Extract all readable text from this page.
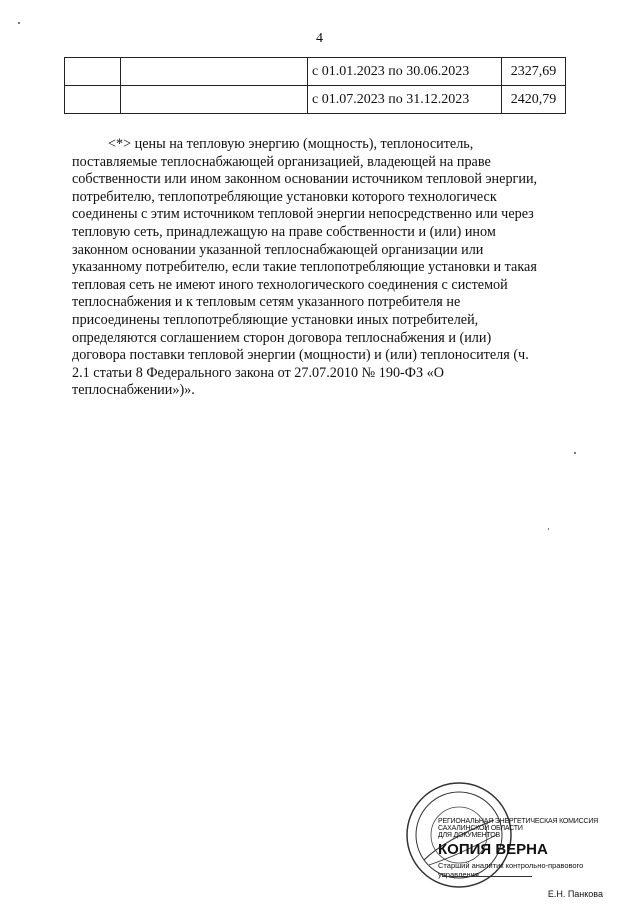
4
		с 01.01.2023 по 30.06.2023	2327,69
		с 01.07.2023 по 31.12.2023	2420,79
<*> цены на тепловую энергию (мощность), теплоноситель,
поставляемые теплоснабжающей организацией, владеющей на праве
собственности или ином законном основании источником тепловой энергии,
потребителю, теплопотребляющие установки которого технологическ
соединены с этим источником тепловой энергии непосредственно или через
тепловую сеть, принадлежащую на праве собственности и (или) ином
законном основании указанной теплоснабжающей организации или
указанному потребителю, если такие теплопотребляющие установки и такая
тепловая сеть не имеют иного технологического соединения с системой
теплоснабжения и к тепловым сетям указанного потребителя не
присоединены теплопотребляющие установки иных потребителей,
определяются соглашением сторон договора теплоснабжения и (или)
договора поставки тепловой энергии (мощности) и (или) теплоносителя (ч.
2.1 статьи 8 Федерального закона от 27.07.2010 № 190-ФЗ «О
теплоснабжении»)».
РЕГИОНАЛЬНАЯ ЭНЕРГЕТИЧЕСКАЯ КОМИССИЯ САХАЛИНСКОЙ ОБЛАСТИ
ДЛЯ ДОКУМЕНТОВ
КОПИЯ ВЕРНА
Старший аналитик контрольно-правового управления
Е.Н. Панкова
